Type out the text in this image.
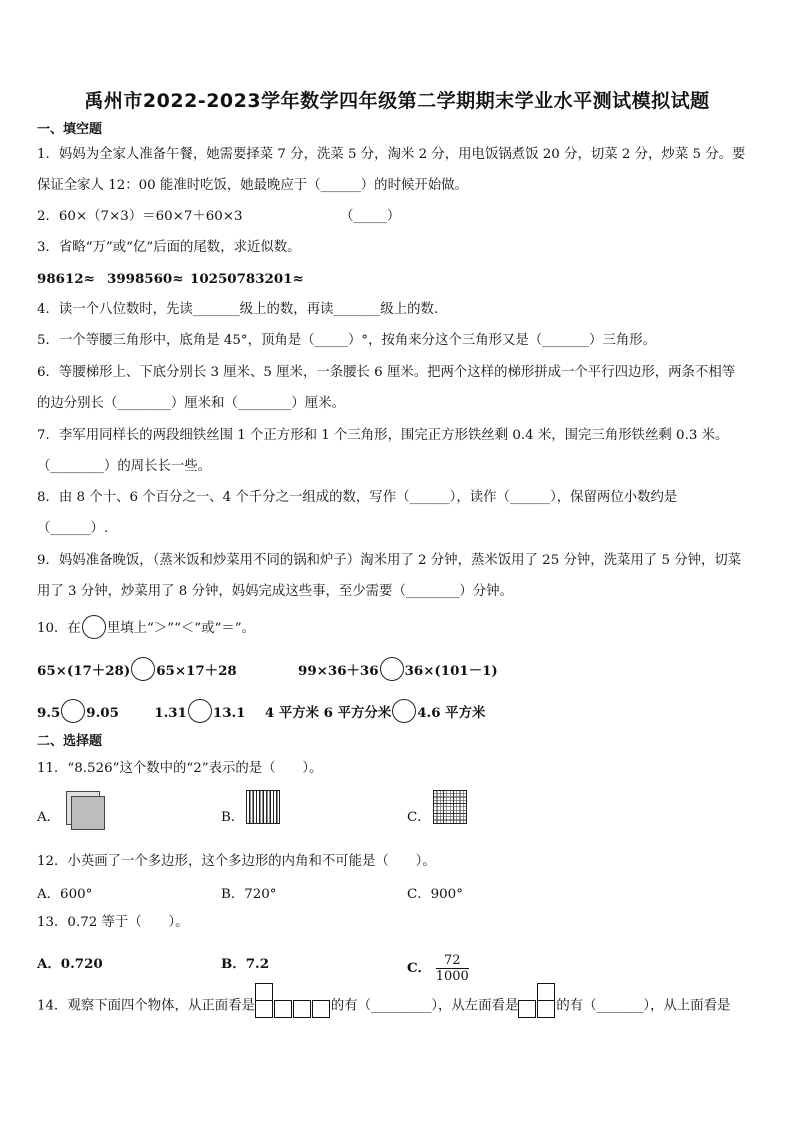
禹州市2022-2023学年数学四年级第二学期期末学业水平测试模拟试题
一、填空题
1．妈妈为全家人准备午餐，她需要择菜 7 分，洗菜 5 分，淘米 2 分，用电饭锅煮饭 20 分，切菜 2 分，炒菜 5 分。要
保证全家人 12：00 能准时吃饭，她最晚应于（______）的时候开始做。
2．60×（7×3）＝60×7＋60×3	（_____）
3．省略“万”或“亿”后面的尾数，求近似数。
98612≈ 3998560≈ 10250783201≈
4．读一个八位数时，先读_______级上的数，再读_______级上的数．
5．一个等腰三角形中，底角是 45°，顶角是（_____）°，按角来分这个三角形又是（_______）三角形。
6．等腰梯形上、下底分别长 3 厘米、5 厘米，一条腰长 6 厘米。把两个这样的梯形拼成一个平行四边形，两条不相等
的边分别长（________）厘米和（________）厘米。
7．李军用同样长的两段细铁丝围 1 个正方形和 1 个三角形，围完正方形铁丝剩 0.4 米，围完三角形铁丝剩 0.3 米。
（________）的周长长一些。
8．由 8 个十、6 个百分之一、4 个千分之一组成的数，写作（______），读作（______），保留两位小数约是
（______）.
9．妈妈准备晚饭，（蒸米饭和炒菜用不同的锅和炉子）淘米用了 2 分钟，蒸米饭用了 25 分钟，洗菜用了 5 分钟，切菜
用了 3 分钟，炒菜用了 8 分钟，妈妈完成这些事，至少需要（________）分钟。
10．在 里填上“＞”“＜”或“＝”。
65×(17＋28) 65×17＋28	99×36＋36 36×(101－1)
9.5 9.05	1.31 13.1 4 平方米 6 平方分米 4.6 平方米
二、选择题
11．“8.526”这个数中的“2”表示的是（　　）。
A．	B．	C．
12．小英画了一个多边形，这个多边形的内角和不可能是（　　）。
A．600°	B．720°	C．900°
13．0.72 等于（　　）。
A．0.720	B．7.2	C． $\frac{72}{1000}$
14．观察下面四个物体，从正面看是	的有（_________），从左面看是	的有（_______），从上面看是
